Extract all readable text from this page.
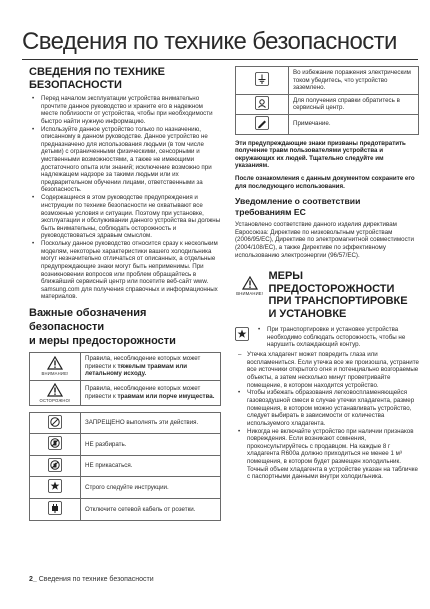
Сведения по технике безопасности
СВЕДЕНИЯ ПО ТЕХНИКЕ
БЕЗОПАСНОСТИ
• Перед началом эксплуатации устройства внимательно прочтите данное руководство и храните его в надежном месте поблизости от устройства, чтобы при необходимости быстро найти нужную информацию.
• Используйте данное устройство только по назначению, описанному в данном руководстве. Данное устройство не предназначено для использования людьми (в том числе детьми) с ограниченными физическими, сенсорными и умственными возможностями, а также не имеющими достаточного опыта или знаний; исключение возможно при надлежащем надзоре за такими людьми или их предварительном обучении лицами, ответственными за безопасность.
• Содержащиеся в этом руководстве предупреждения и инструкции по технике безопасности не охватывают все возможные условия и ситуации. Поэтому при установке, эксплуатации и обслуживании данного устройства вы должны быть внимательны, соблюдать осторожность и руководствоваться здравым смыслом.
• Поскольку данное руководство относится сразу к нескольким моделям, некоторые характеристики вашего холодильника могут незначительно отличаться от описанных, а отдельные предупреждающие знаки могут быть неприменимы. При возникновении вопросов или проблем обращайтесь в ближайший сервисный центр или посетите веб-сайт www. samsung.com для получения справочных и информационных материалов.
Важные обозначения безопасности
и меры предосторожности
ВНИМАНИЕ!	Правила, несоблюдение которых может привести к тяжелым травмам или летальному исходу.

ОСТОРОЖНО!	Правила, несоблюдение которых может привести к травмам или порче имущества.
	ЗАПРЕЩЕНО выполнять эти действия.
	НЕ разбирать.
	НЕ прикасаться.
	Строго следуйте инструкции.
	Отключите сетевой кабель от розетки.
	Во избежание поражения электрическим током убедитесь, что устройство заземлено.
	Для получения справки обратитесь в сервисный центр.
	Примечание.

Эти предупреждающие знаки призваны предотвратить получение травм пользователями устройства и окружающих их людей. Тщательно следуйте им указаниям.

После ознакомления с данным документом сохраните его для последующего использования.

Уведомление о соответствии требованиям ЕС

Установлено соответствие данного изделия директивам Евросоюза: Директиве по низковольтным устройствам (2006/95/EC), Директиве по электромагнитной совместимости (2004/108/EC), а также Директиве по эффективному использованию электроэнергии (96/57/EC).

ВНИМАНИЕ!
МЕРЫ ПРЕДОСТОРОЖНОСТИ
ПРИ ТРАНСПОРТИРОВКЕ
И УСТАНОВКЕ
• При транспортировке и установке устройства необходимо соблюдать осторожность, чтобы не нарушить охлаждающий контур.
– Утечка хладагент может повредить глаза или воспламениться. Если утечка все же произошла, устраните все источники открытого огня и потенциально возгораемые объекты, а затем несколько минут проветривайте помещение, в котором находится устройство.
• Чтобы избежать образования легковоспламеняющейся газовоздушной смеси в случае утечки хладагента, размер помещения, в котором можно устанавливать устройство, следует выбирать в зависимости от количества используемого хладагента.
• Никогда не включайте устройство при наличии признаков повреждения. Если возникают сомнения, проконсультируйтесь с продавцом. На каждые 8 г хладагента R600a должно приходиться не менее 1 м³ помещения, в котором будет размещен холодильник. Точный объем хладагента в устройстве указан на табличке с паспортными данными внутри холодильника.
2_ Сведения по технике безопасности
